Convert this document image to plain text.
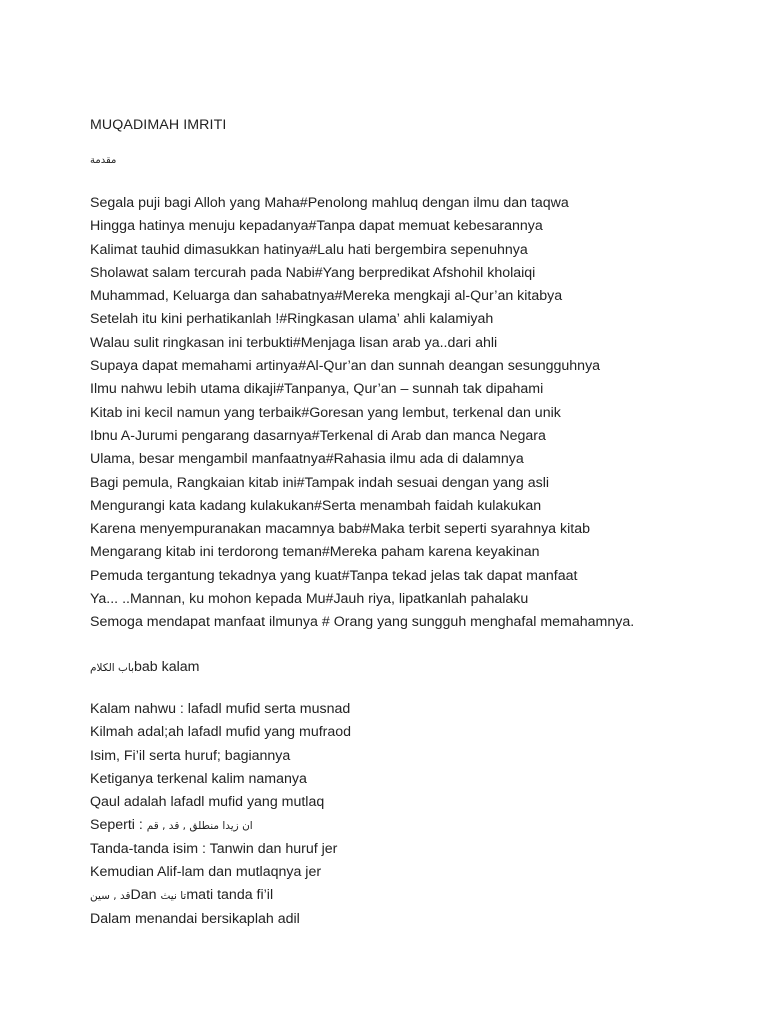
MUQADIMAH IMRITI
مقدمة
Segala puji bagi Alloh yang Maha#Penolong mahluq dengan ilmu dan taqwa
Hingga hatinya menuju kepadanya#Tanpa dapat memuat kebesarannya
Kalimat tauhid dimasukkan hatinya#Lalu hati bergembira sepenuhnya
Sholawat salam tercurah pada Nabi#Yang berpredikat Afshohil kholaiqi
Muhammad, Keluarga dan sahabatnya#Mereka mengkaji al-Qur’an kitabya
Setelah itu kini perhatikanlah !#Ringkasan ulama’ ahli kalamiyah
Walau sulit ringkasan ini terbukti#Menjaga lisan arab ya..dari ahli
Supaya dapat memahami artinya#Al-Qur’an dan sunnah deangan sesungguhnya
Ilmu nahwu lebih utama dikaji#Tanpanya, Qur’an – sunnah tak dipahami
Kitab ini kecil namun yang terbaik#Goresan yang lembut, terkenal dan unik
Ibnu A-Jurumi pengarang dasarnya#Terkenal di Arab dan manca Negara
Ulama, besar mengambil manfaatnya#Rahasia ilmu ada di dalamnya
Bagi pemula, Rangkaian kitab ini#Tampak indah sesuai dengan yang asli
Mengurangi kata kadang kulakukan#Serta menambah faidah kulakukan
Karena menyempuranakan macamnya bab#Maka terbit seperti syarahnya kitab
Mengarang kitab ini terdorong teman#Mereka paham karena keyakinan
Pemuda tergantung tekadnya yang kuat#Tanpa tekad jelas tak dapat manfaat
Ya... ..Mannan, ku mohon kepada Mu#Jauh riya, lipatkanlah pahalaku
Semoga mendapat manfaat ilmunya # Orang yang sungguh menghafal memahamnya.
باب الكلامbab kalam
Kalam nahwu : lafadl mufid serta musnad
Kilmah adal;ah lafadl mufid yang mufraod
Isim, Fi’il serta huruf; bagiannya
Ketiganya terkenal kalim namanya
Qaul adalah lafadl mufid yang mutlaq
Seperti : ان زيدا منطلق , قد , قم
Tanda-tanda isim : Tanwin dan huruf jer
Kemudian Alif-lam dan mutlaqnya jer
قد , سينDan تا نيثmati tanda fi’il
Dalam menandai bersikaplah adil
